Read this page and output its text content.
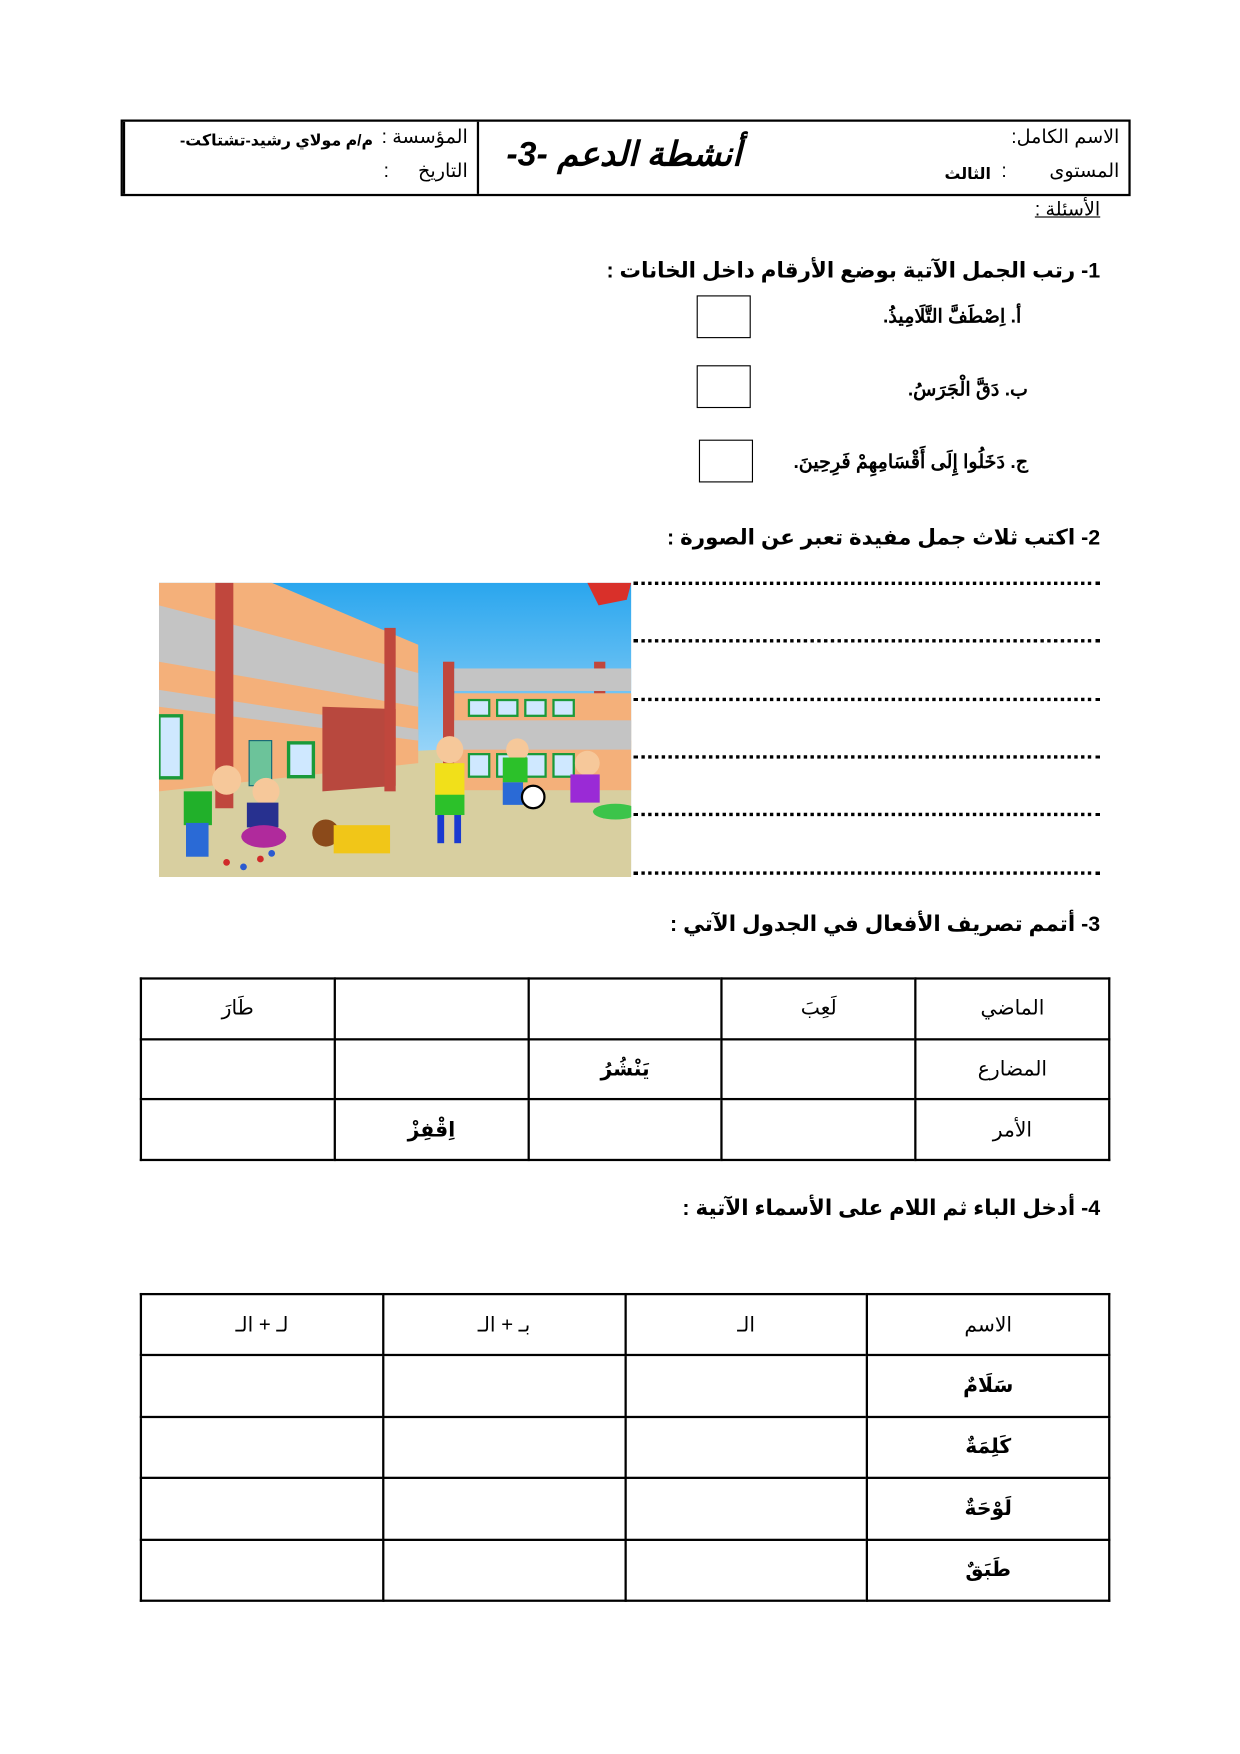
المؤسسة :
م/م مولاي رشيد-تشتاكت-
التاريخ
:	أنشطة الدعم -3-	الاسم الكامل:
المستوى
:
الثالث
الأسئلة :
1- رتب الجمل الآتية بوضع الأرقام داخل الخانات :
أ. اِصْطَفَّ التَّلَامِيذُ.
ب. دَقَّ الْجَرَسُ.
ج. دَخَلُوا إِلَى أَقْسَامِهِمْ فَرِحِينَ.
2- اكتب ثلاث جمل مفيدة تعبر عن الصورة :
3- أتمم تصريف الأفعال في الجدول الآتي :
الماضي	لَعِبَ			طَارَ
المضارع		يَنْشُرُ		
الأمر			اِقْفِزْ	
4- أدخل الباء ثم اللام على الأسماء الآتية :
الاسم	الـ	بـ + الـ	لـ + الـ
سَلَامٌ			
كَلِمَةٌ			
لَوْحَةٌ			
طَبَقٌ			
